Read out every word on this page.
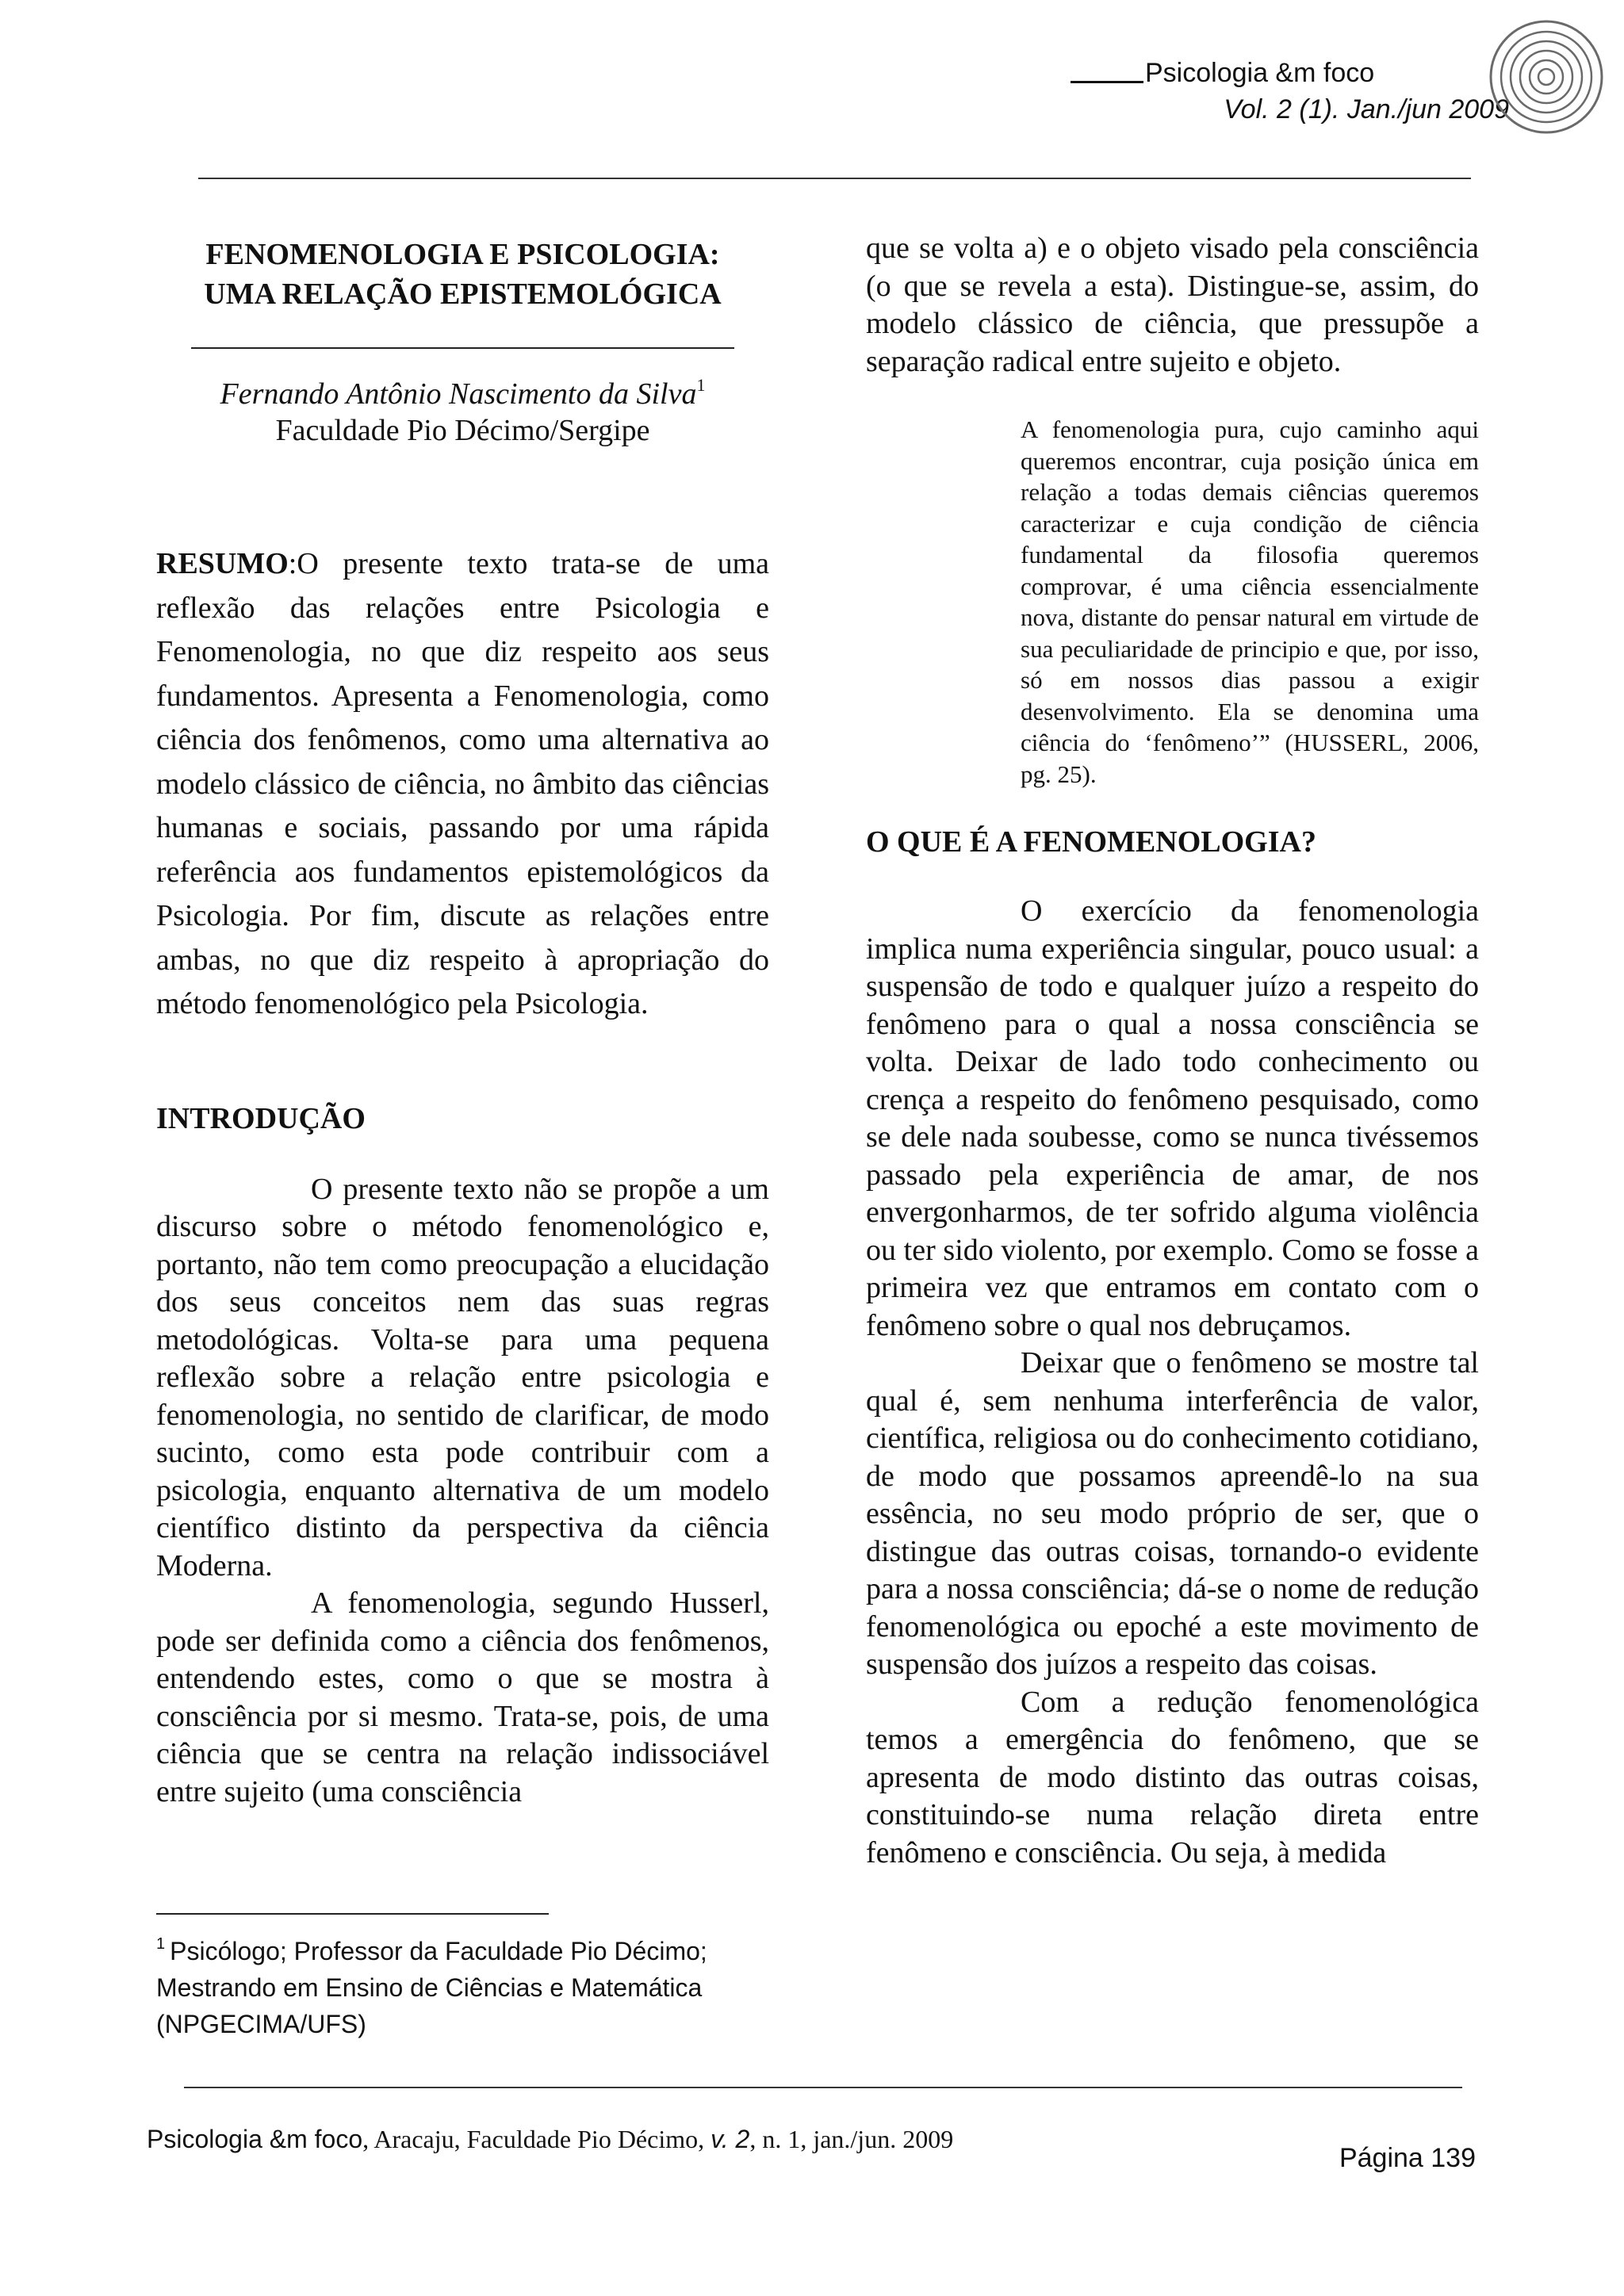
Psicologia &m foco
Vol. 2 (1). Jan./jun 2009
FENOMENOLOGIA E PSICOLOGIA:
UMA RELAÇÃO EPISTEMOLÓGICA
Fernando Antônio Nascimento da Silva$^1$
Faculdade Pio Décimo/Sergipe

RESUMO:O presente texto trata-se de uma reflexão das relações entre Psicologia e Fenomenologia, no que diz respeito aos seus fundamentos. Apresenta a Fenomenologia, como ciência dos fenômenos, como uma alternativa ao modelo clássico de ciência, no âmbito das ciências humanas e sociais, passando por uma rápida referência aos fundamentos epistemológicos da Psicologia. Por fim, discute as relações entre ambas, no que diz respeito à apropriação do método fenomenológico pela Psicologia.

INTRODUÇÃO

O presente texto não se propõe a um discurso sobre o método fenomenológico e, portanto, não tem como preocupação a elucidação dos seus conceitos nem das suas regras metodológicas. Volta-se para uma pequena reflexão sobre a relação entre psicologia e fenomenologia, no sentido de clarificar, de modo sucinto, como esta pode contribuir com a psicologia, enquanto alternativa de um modelo científico distinto da perspectiva da ciência Moderna.

A fenomenologia, segundo Husserl, pode ser definida como a ciência dos fenômenos, entendendo estes, como o que se mostra à consciência por si mesmo. Trata-se, pois, de uma ciência que se centra na relação indissociável entre sujeito (uma consciência

$^1$ Psicólogo; Professor da Faculdade Pio Décimo;
Mestrando em Ensino de Ciências e Matemática
(NPGECIMA/UFS)

que se volta a) e o objeto visado pela consciência (o que se revela a esta). Distingue-se, assim, do modelo clássico de ciência, que pressupõe a separação radical entre sujeito e objeto.

A fenomenologia pura, cujo caminho aqui queremos encontrar, cuja posição única em relação a todas demais ciências queremos caracterizar e cuja condição de ciência fundamental da filosofia queremos comprovar, é uma ciência essencialmente nova, distante do pensar natural em virtude de sua peculiaridade de principio e que, por isso, só em nossos dias passou a exigir desenvolvimento. Ela se denomina uma ciência do ‘fenômeno’” (HUSSERL, 2006, pg. 25).

O QUE É A FENOMENOLOGIA?

O exercício da fenomenologia implica numa experiência singular, pouco usual: a suspensão de todo e qualquer juízo a respeito do fenômeno para o qual a nossa consciência se volta. Deixar de lado todo conhecimento ou crença a respeito do fenômeno pesquisado, como se dele nada soubesse, como se nunca tivéssemos passado pela experiência de amar, de nos envergonharmos, de ter sofrido alguma violência ou ter sido violento, por exemplo. Como se fosse a primeira vez que entramos em contato com o fenômeno sobre o qual nos debruçamos.

Deixar que o fenômeno se mostre tal qual é, sem nenhuma interferência de valor, científica, religiosa ou do conhecimento cotidiano, de modo que possamos apreendê-lo na sua essência, no seu modo próprio de ser, que o distingue das outras coisas, tornando-o evidente para a nossa consciência; dá-se o nome de redução fenomenológica ou epoché a este movimento de suspensão dos juízos a respeito das coisas.

Com a redução fenomenológica temos a emergência do fenômeno, que se apresenta de modo distinto das outras coisas, constituindo-se numa relação direta entre fenômeno e consciência. Ou seja, à medida

Psicologia &m foco, Aracaju, Faculdade Pio Décimo, v. 2, n. 1, jan./jun. 2009
Página 139
